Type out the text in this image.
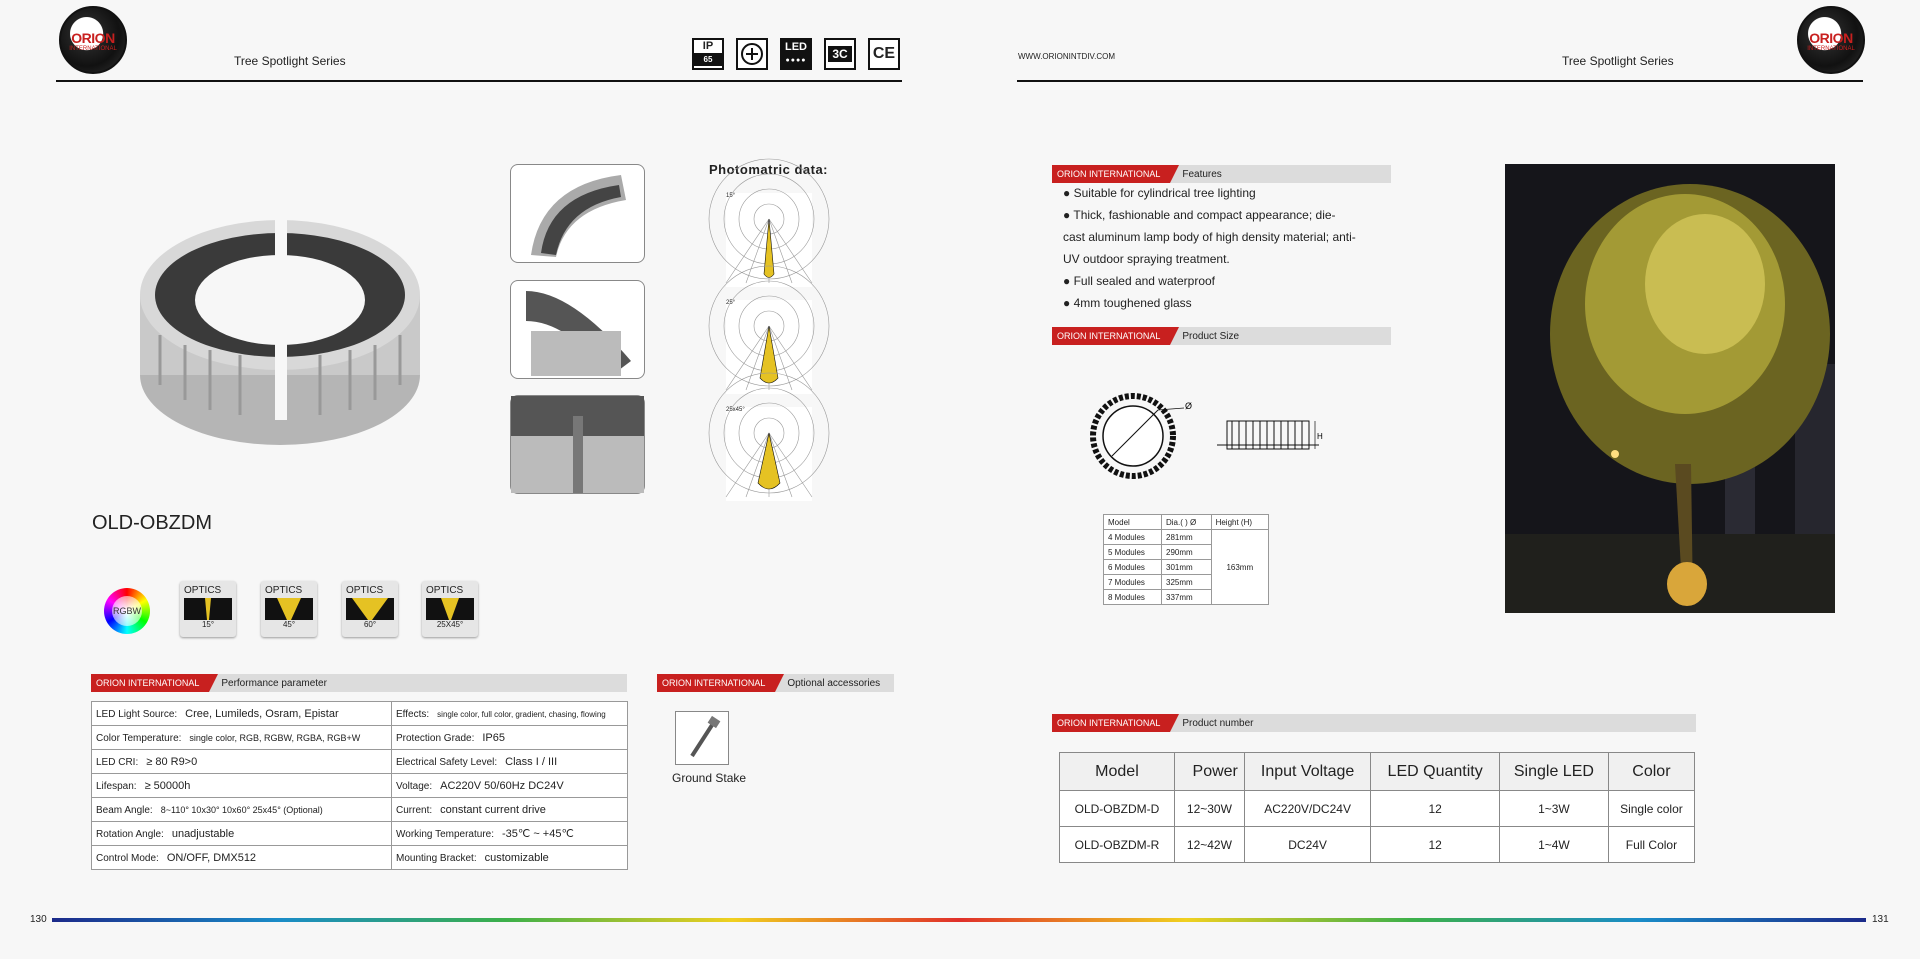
ORION
INTERNATIONAL
Tree Spotlight Series
IP
65
LED
●●●●	3C	CE
Photomatric data:
15°
25°
25x45°
OLD-OBZDM
RGBW
OPTICS
15°
OPTICS
45°
OPTICS
60°
OPTICS
25X45°
ORION INTERNATIONAL	Performance parameter
LED Light Source: Cree, Lumileds, Osram, Epistar	Effects: single color, full color, gradient, chasing, flowing
Color Temperature: single color, RGB, RGBW, RGBA, RGB+W	Protection Grade: IP65
LED CRI: ≥ 80 R9>0	Electrical Safety Level: Class I / III
Lifespan: ≥ 50000h	Voltage: AC220V 50/60Hz DC24V
Beam Angle: 8~110° 10x30° 10x60° 25x45° (Optional)	Current: constant current drive
Rotation Angle: unadjustable	Working Temperature: -35℃ ~ +45℃
Control Mode: ON/OFF, DMX512	Mounting Bracket: customizable
ORION INTERNATIONAL	Optional accessories
Ground Stake
WWW.ORIONINTDIV.COM	Tree Spotlight Series
ORION
INTERNATIONAL
ORION INTERNATIONAL	Features
● Suitable for cylindrical tree lighting
● Thick, fashionable and compact appearance; die-
cast aluminum lamp body of high density material; anti-
UV outdoor spraying treatment.
● Full sealed and waterproof
● 4mm toughened glass
ORION INTERNATIONAL	Product Size
Ø
H
Model	Dia.( ) Ø	Height (H)
4 Modules	281mm	163mm
5 Modules	290mm	
6 Modules	301mm	
7 Modules	325mm	
8 Modules	337mm	
ORION INTERNATIONAL	Product number
Model	Power	Input Voltage	LED Quantity	Single LED	Color
OLD-OBZDM-D	12~30W	AC220V/DC24V	12	1~3W	Single color
OLD-OBZDM-R	12~42W	DC24V	12	1~4W	Full Color
130	131
